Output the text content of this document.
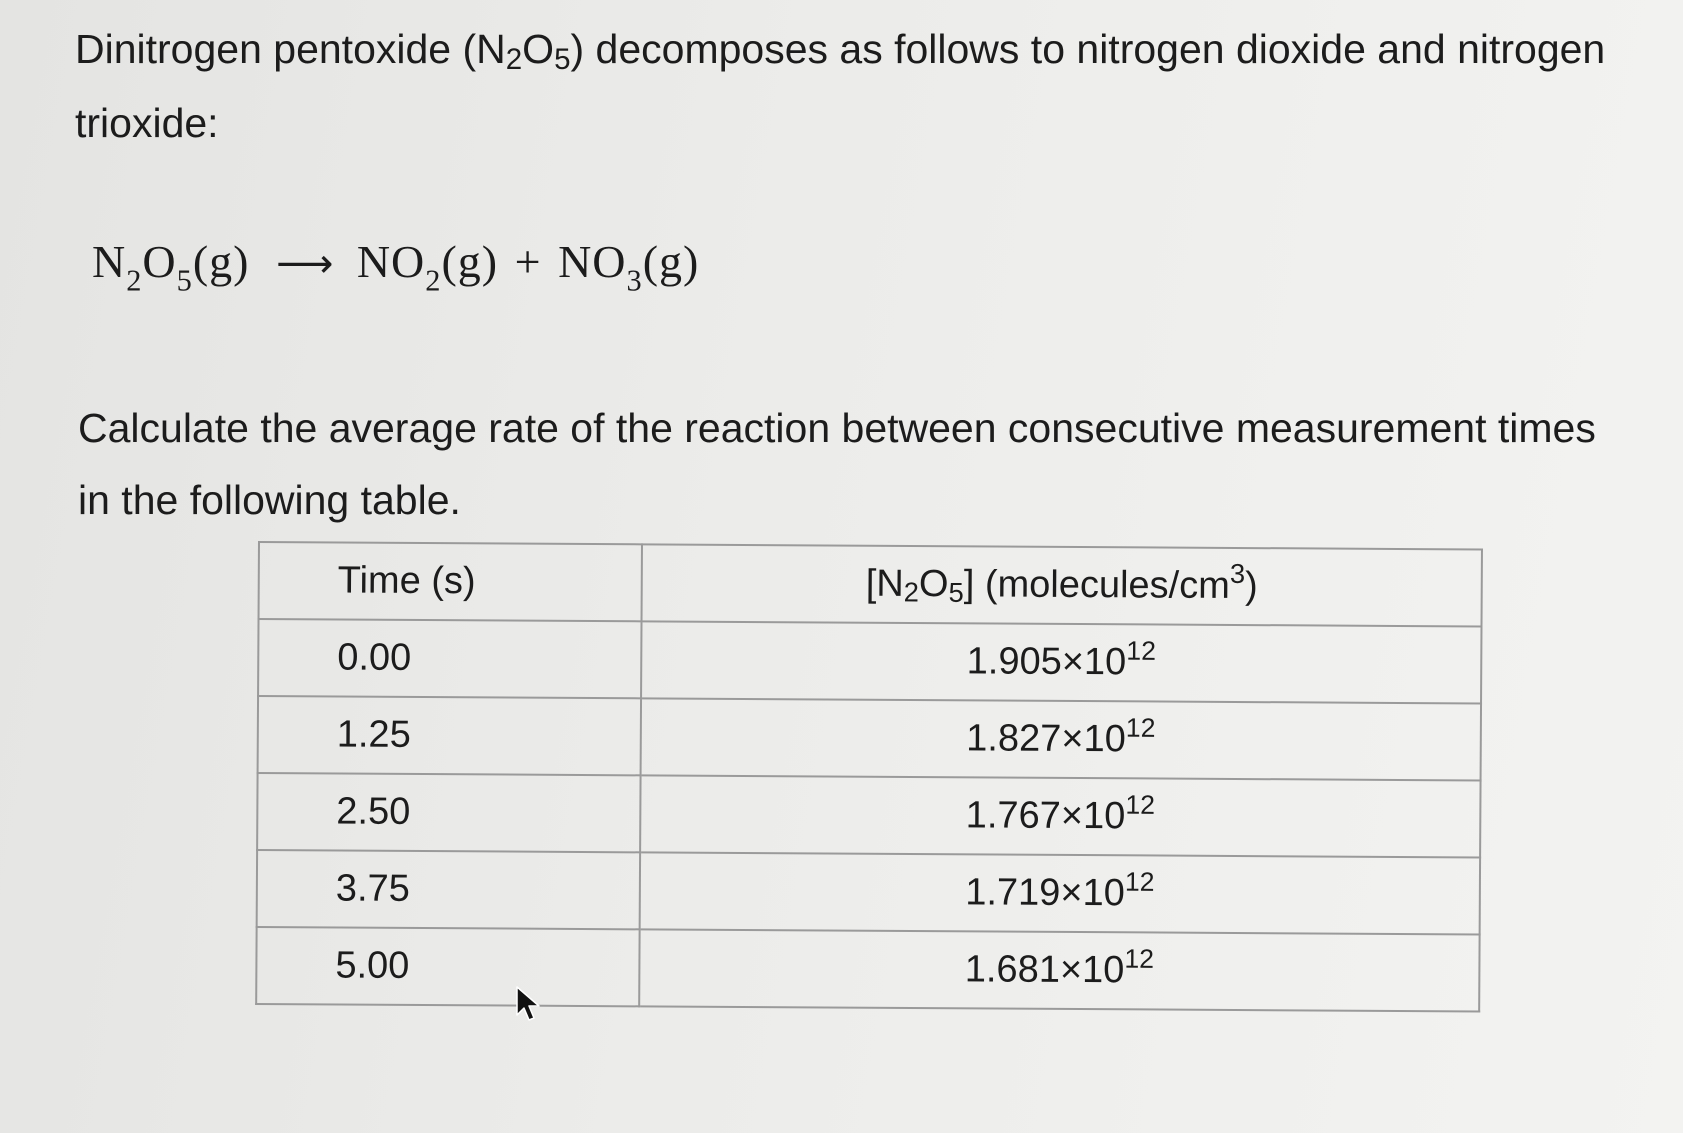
Dinitrogen pentoxide $(N_2O_5)$ decomposes as follows to nitrogen dioxide and nitrogen trioxide:

$N_2O_5(g)$ ⟶ $NO_2(g) + NO_3(g)$

Calculate the average rate of the reaction between consecutive measurement times in the following table.

Time (s)	$[N_2O_5]$ $(molecules/cm^3)$
0.00	$1.905\times 10^{12}$
1.25	$1.827\times 10^{12}$
2.50	$1.767\times 10^{12}$
3.75	$1.719\times 10^{12}$
5.00	$1.681\times 10^{12}$
